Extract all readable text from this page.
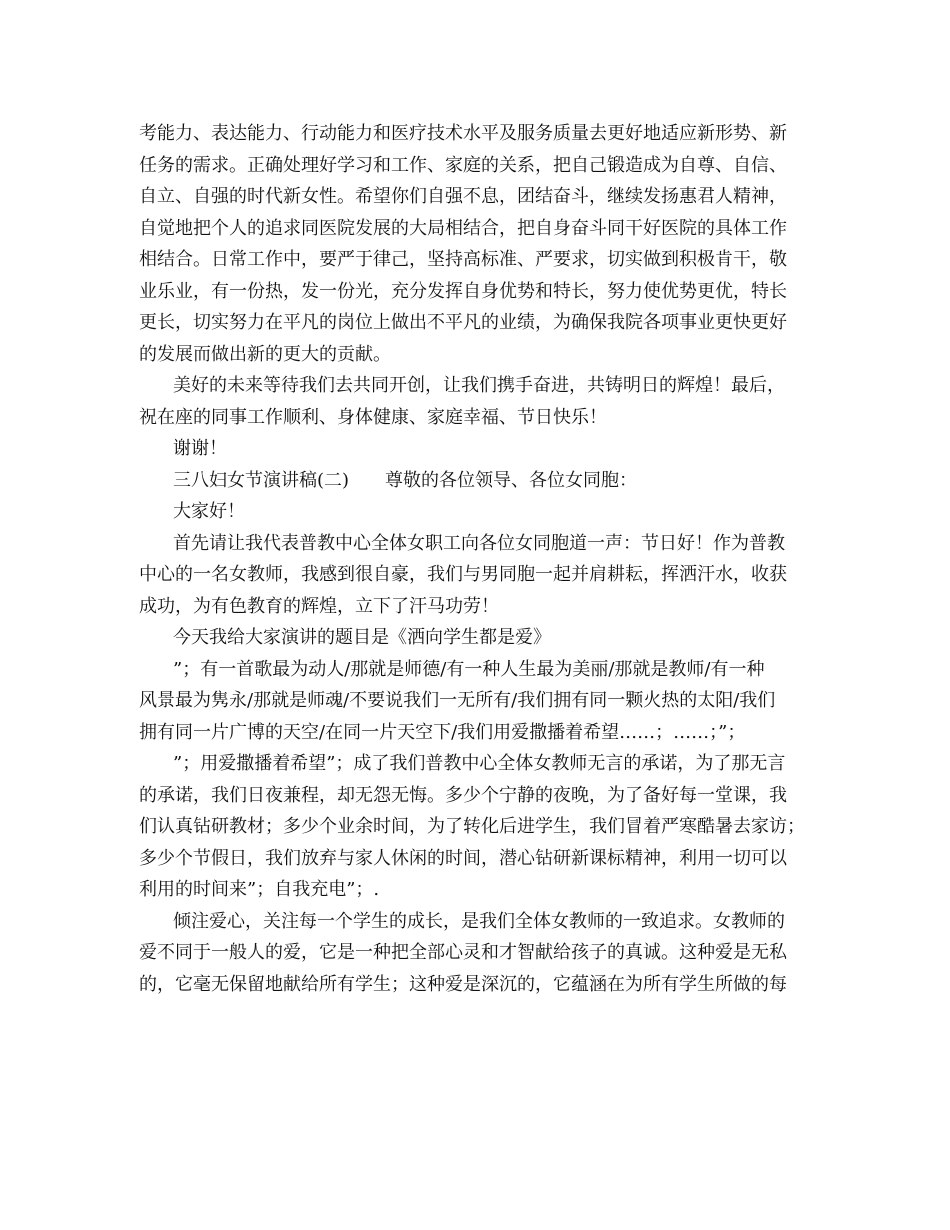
考能力、表达能力、行动能力和医疗技术水平及服务质量去更好地适应新形势、新
任务的需求。正确处理好学习和工作、家庭的关系，把自己锻造成为自尊、自信、
自立、自强的时代新女性。希望你们自强不息，团结奋斗，继续发扬惠君人精神，
自觉地把个人的追求同医院发展的大局相结合，把自身奋斗同干好医院的具体工作
相结合。日常工作中，要严于律己，坚持高标准、严要求，切实做到积极肯干，敬
业乐业，有一份热，发一份光，充分发挥自身优势和特长，努力使优势更优，特长
更长，切实努力在平凡的岗位上做出不平凡的业绩，为确保我院各项事业更快更好
的发展而做出新的更大的贡献。
美好的未来等待我们去共同开创，让我们携手奋进，共铸明日的辉煌！最后，
祝在座的同事工作顺利、身体健康、家庭幸福、节日快乐！
谢谢！
三八妇女节演讲稿(二) 尊敬的各位领导、各位女同胞：
大家好！
首先请让我代表普教中心全体女职工向各位女同胞道一声：节日好！作为普教
中心的一名女教师，我感到很自豪，我们与男同胞一起并肩耕耘，挥洒汗水，收获
成功，为有色教育的辉煌，立下了汗马功劳！
今天我给大家演讲的题目是《洒向学生都是爱》
”；有一首歌最为动人/那就是师德/有一种人生最为美丽/那就是教师/有一种
风景最为隽永/那就是师魂/不要说我们一无所有/我们拥有同一颗火热的太阳/我们
拥有同一片广博的天空/在同一片天空下/我们用爱撒播着希望……；……；”；
”；用爱撒播着希望”；成了我们普教中心全体女教师无言的承诺，为了那无言
的承诺，我们日夜兼程，却无怨无悔。多少个宁静的夜晚，为了备好每一堂课，我
们认真钻研教材；多少个业余时间，为了转化后进学生，我们冒着严寒酷暑去家访；
多少个节假日，我们放弃与家人休闲的时间，潜心钻研新课标精神，利用一切可以
利用的时间来”；自我充电”；.
倾注爱心，关注每一个学生的成长，是我们全体女教师的一致追求。女教师的
爱不同于一般人的爱，它是一种把全部心灵和才智献给孩子的真诚。这种爱是无私
的，它毫无保留地献给所有学生；这种爱是深沉的，它蕴涵在为所有学生所做的每
